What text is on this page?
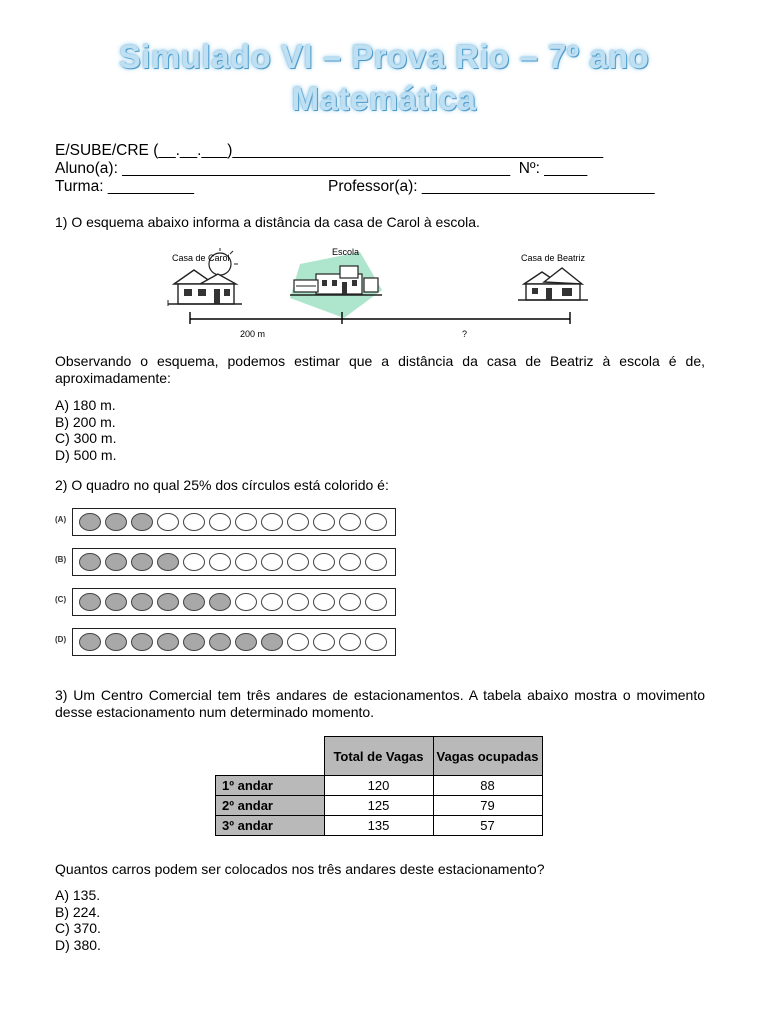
Simulado VI – Prova Rio – 7º ano
Matemática
E/SUBE/CRE (__.__.___)___________________________________________
Aluno(a): _____________________________________________  Nº: _____
Turma: __________	Professor(a): ___________________________
1) O esquema abaixo informa a distância da casa de Carol à escola.
Casa de Carol
Escola
Casa de Beatriz
200 m	?
Observando o esquema, podemos estimar que a distância da casa de Beatriz à escola é de, aproximadamente:
A) 180 m.
B) 200 m.
C) 300 m.
D) 500 m.
2) O quadro no qual 25% dos círculos está colorido é:
(A)
(B)
(C)
(D)
3) Um Centro Comercial tem três andares de estacionamentos. A tabela abaixo mostra o movimento desse estacionamento num determinado momento.
	Total de Vagas	Vagas ocupadas
1º andar	120	88
2º andar	125	79
3º andar	135	57
Quantos carros podem ser colocados nos três andares deste estacionamento?
A) 135.
B) 224.
C) 370.
D) 380.
